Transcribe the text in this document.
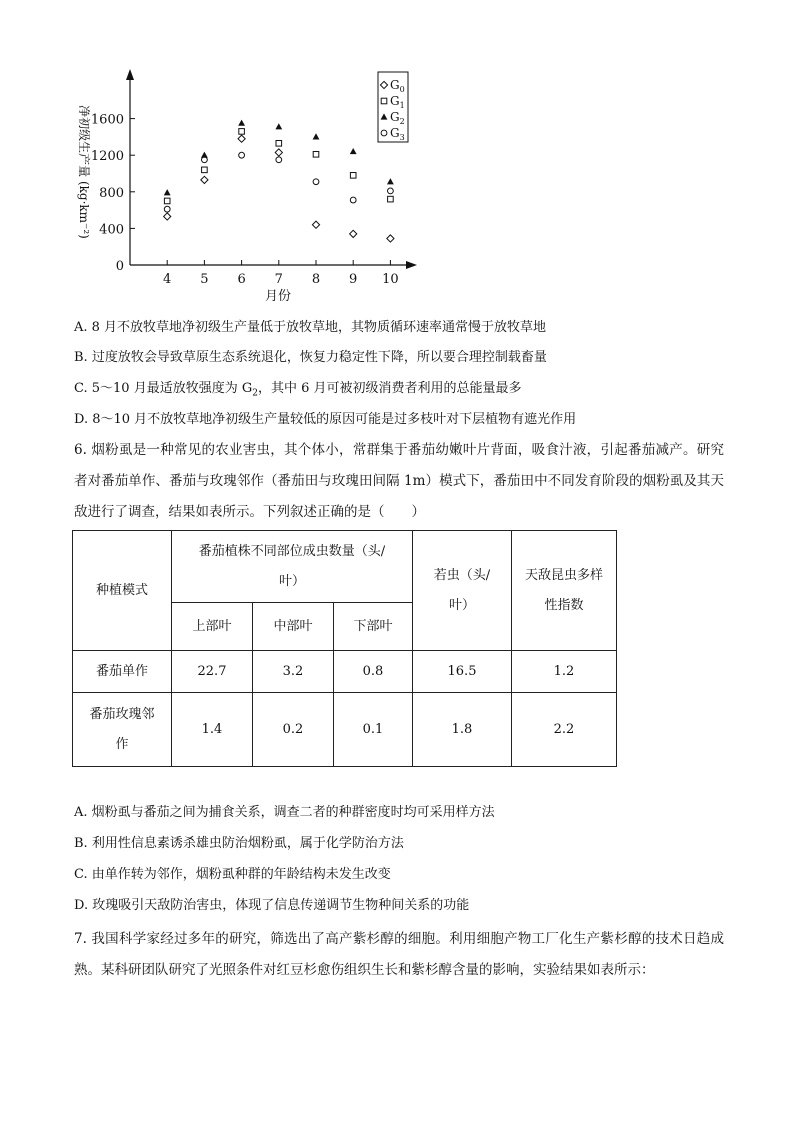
0
400
800
1200
1600
4 5 6 7 8 9 10
月份
净初级生产量 (kg·km⁻²)
$G_0$
$G_1$
$G_2$
$G_3$
A. 8 月不放牧草地净初级生产量低于放牧草地，其物质循环速率通常慢于放牧草地
B. 过度放牧会导致草原生态系统退化，恢复力稳定性下降，所以要合理控制载畜量
C. 5～10 月最适放牧强度为 $G_2$，其中 6 月可被初级消费者利用的总能量最多
D. 8～10 月不放牧草地净初级生产量较低的原因可能是过多枝叶对下层植物有遮光作用
6. 烟粉虱是一种常见的农业害虫，其个体小，常群集于番茄幼嫩叶片背面，吸食汁液，引起番茄减产。研究者对番茄单作、番茄与玫瑰邻作（番茄田与玫瑰田间隔 1m）模式下，番茄田中不同发育阶段的烟粉虱及其天敌进行了调查，结果如表所示。下列叙述正确的是（　　）
种植模式	番茄植株不同部位成虫数量（头/叶）			若虫（头/叶）	天敌昆虫多样性指数
	上部叶	中部叶	下部叶		
番茄单作	22.7	3.2	0.8	16.5	1.2
番茄玫瑰邻作	1.4	0.2	0.1	1.8	2.2
A. 烟粉虱与番茄之间为捕食关系，调查二者的种群密度时均可采用样方法
B. 利用性信息素诱杀雄虫防治烟粉虱，属于化学防治方法
C. 由单作转为邻作，烟粉虱种群的年龄结构未发生改变
D. 玫瑰吸引天敌防治害虫，体现了信息传递调节生物种间关系的功能
7. 我国科学家经过多年的研究，筛选出了高产紫杉醇的细胞。利用细胞产物工厂化生产紫杉醇的技术日趋成熟。某科研团队研究了光照条件对红豆杉愈伤组织生长和紫杉醇含量的影响，实验结果如表所示：
